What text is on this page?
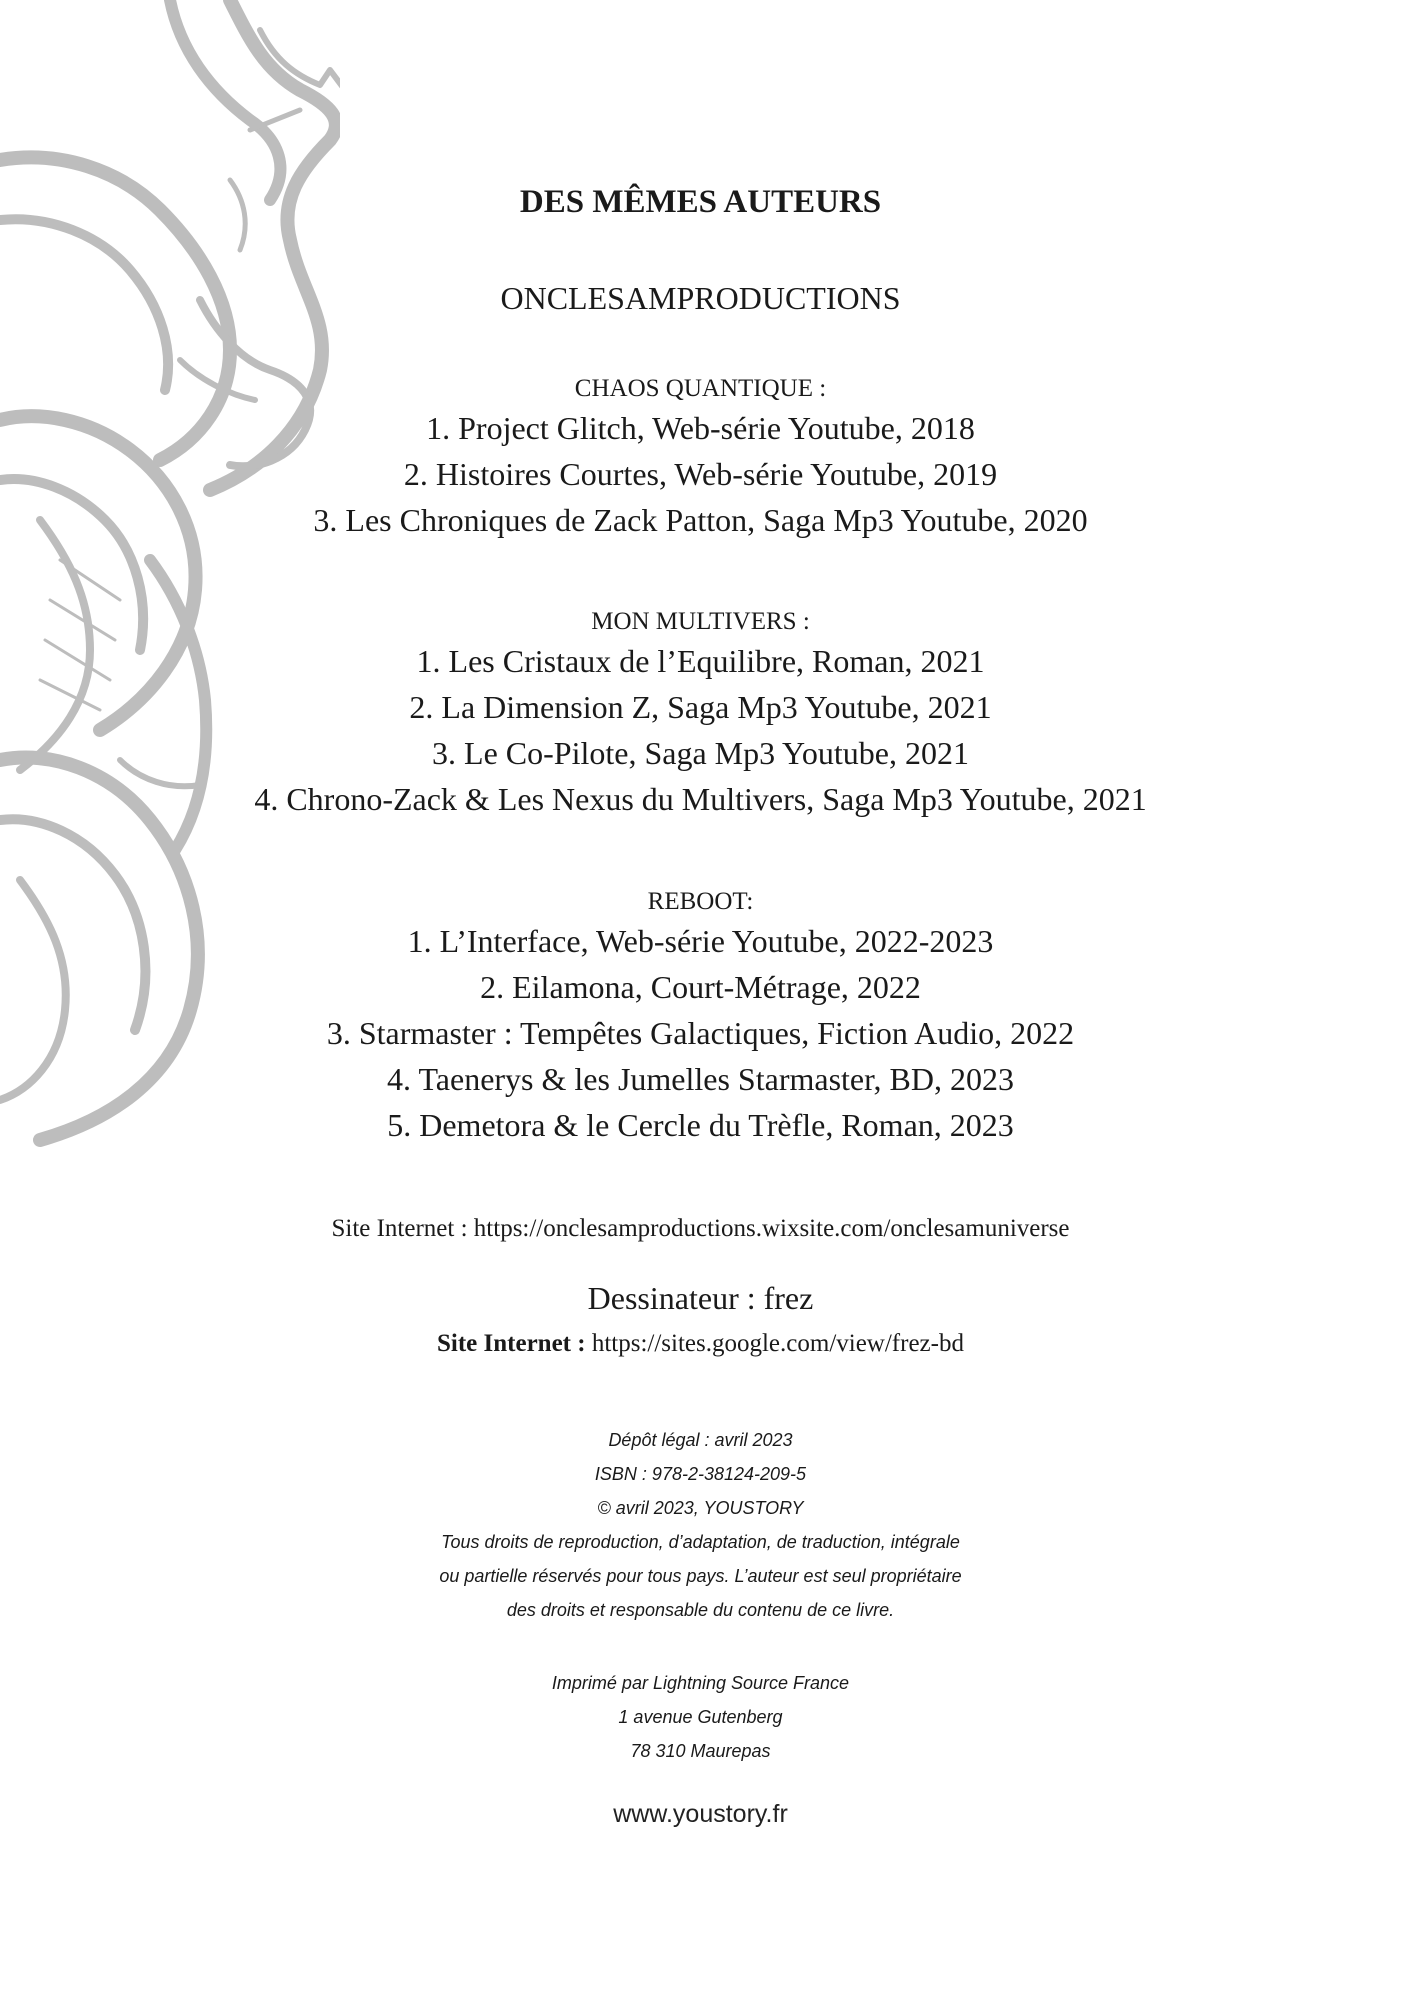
DES MÊMES AUTEURS
ONCLESAMPRODUCTIONS
CHAOS QUANTIQUE :
1. Project Glitch, Web-série Youtube, 2018
2. Histoires Courtes, Web-série Youtube, 2019
3. Les Chroniques de Zack Patton, Saga Mp3 Youtube, 2020
MON MULTIVERS :
1. Les Cristaux de l’Equilibre, Roman, 2021
2. La Dimension Z, Saga Mp3 Youtube, 2021
3. Le Co-Pilote, Saga Mp3 Youtube, 2021
4. Chrono-Zack & Les Nexus du Multivers, Saga Mp3 Youtube, 2021
REBOOT:
1. L’Interface, Web-série Youtube, 2022-2023
2. Eilamona, Court-Métrage, 2022
3. Starmaster : Tempêtes Galactiques, Fiction Audio, 2022
4. Taenerys & les Jumelles Starmaster, BD, 2023
5. Demetora & le Cercle du Trèfle, Roman, 2023
Site Internet : https://onclesamproductions.wixsite.com/onclesamuniverse
Dessinateur : frez
Site Internet : https://sites.google.com/view/frez-bd
Dépôt légal : avril 2023
ISBN : 978-2-38124-209-5
© avril 2023, YOUSTORY
Tous droits de reproduction, d’adaptation, de traduction, intégrale
ou partielle réservés pour tous pays. L’auteur est seul propriétaire
des droits et responsable du contenu de ce livre.
Imprimé par Lightning Source France
1 avenue Gutenberg
78 310 Maurepas
www.youstory.fr
